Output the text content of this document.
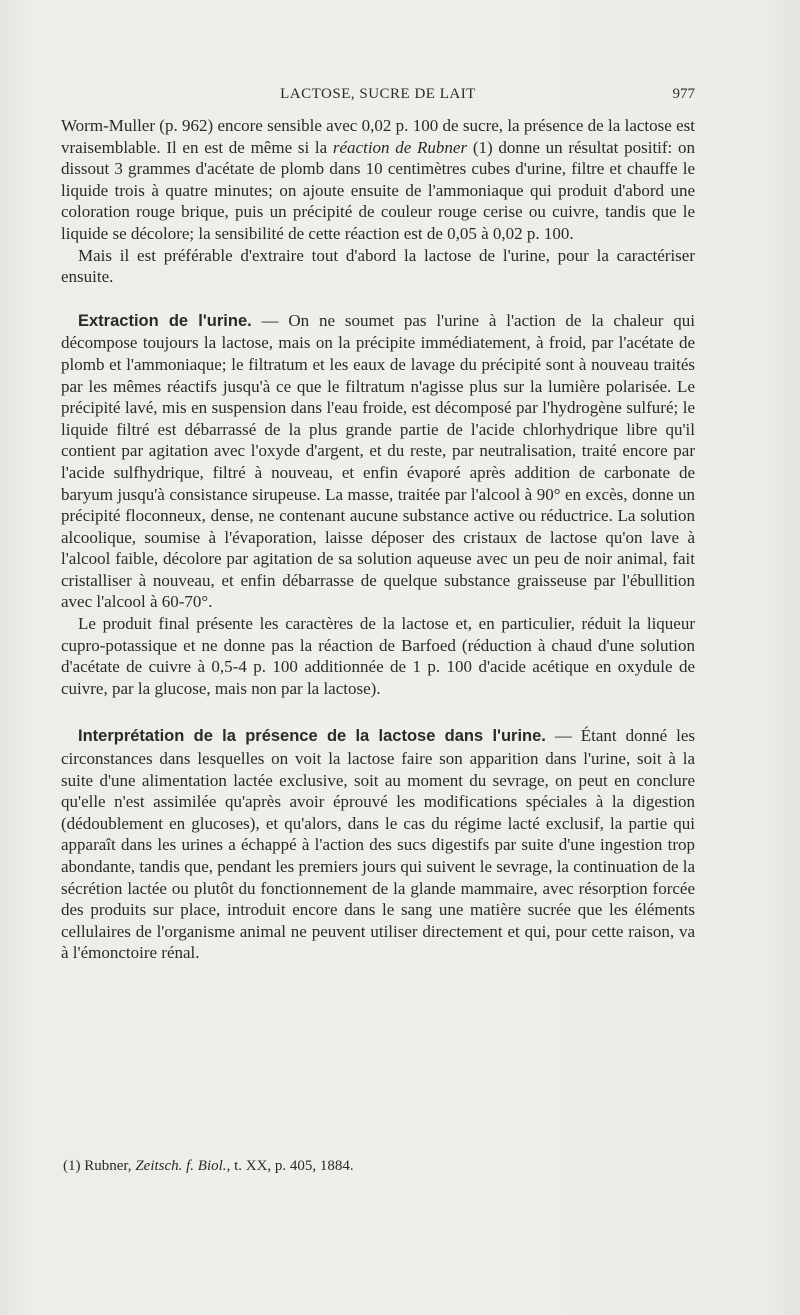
LACTOSE, SUCRE DE LAIT	977

Worm-Muller (p. 962) encore sensible avec 0,02 p. 100 de sucre, la présence de la lactose est vraisemblable. Il en est de même si la réaction de Rubner (1) donne un résultat positif: on dissout 3 grammes d'acétate de plomb dans 10 centimètres cubes d'urine, filtre et chauffe le liquide trois à quatre minutes; on ajoute ensuite de l'ammoniaque qui produit d'abord une coloration rouge brique, puis un précipité de couleur rouge cerise ou cuivre, tandis que le liquide se décolore; la sensibilité de cette réaction est de 0,05 à 0,02 p. 100.

Mais il est préférable d'extraire tout d'abord la lactose de l'urine, pour la caractériser ensuite.

Extraction de l'urine. — On ne soumet pas l'urine à l'action de la chaleur qui décompose toujours la lactose, mais on la précipite immédiatement, à froid, par l'acétate de plomb et l'ammoniaque; le filtratum et les eaux de lavage du précipité sont à nouveau traités par les mêmes réactifs jusqu'à ce que le filtratum n'agisse plus sur la lumière polarisée. Le précipité lavé, mis en suspension dans l'eau froide, est décomposé par l'hydrogène sulfuré; le liquide filtré est débarrassé de la plus grande partie de l'acide chlorhydrique libre qu'il contient par agitation avec l'oxyde d'argent, et du reste, par neutralisation, traité encore par l'acide sulfhydrique, filtré à nouveau, et enfin évaporé après addition de carbonate de baryum jusqu'à consistance sirupeuse. La masse, traitée par l'alcool à 90° en excès, donne un précipité floconneux, dense, ne contenant aucune substance active ou réductrice. La solution alcoolique, soumise à l'évaporation, laisse déposer des cristaux de lactose qu'on lave à l'alcool faible, décolore par agitation de sa solution aqueuse avec un peu de noir animal, fait cristalliser à nouveau, et enfin débarrasse de quelque substance graisseuse par l'ébullition avec l'alcool à 60-70°.

Le produit final présente les caractères de la lactose et, en particulier, réduit la liqueur cupro-potassique et ne donne pas la réaction de Barfoed (réduction à chaud d'une solution d'acétate de cuivre à 0,5-4 p. 100 additionnée de 1 p. 100 d'acide acétique en oxydule de cuivre, par la glucose, mais non par la lactose).

Interprétation de la présence de la lactose dans l'urine. — Étant donné les circonstances dans lesquelles on voit la lactose faire son apparition dans l'urine, soit à la suite d'une alimentation lactée exclusive, soit au moment du sevrage, on peut en conclure qu'elle n'est assimilée qu'après avoir éprouvé les modifications spéciales à la digestion (dédoublement en glucoses), et qu'alors, dans le cas du régime lacté exclusif, la partie qui apparaît dans les urines a échappé à l'action des sucs digestifs par suite d'une ingestion trop abondante, tandis que, pendant les premiers jours qui suivent le sevrage, la continuation de la sécrétion lactée ou plutôt du fonctionnement de la glande mammaire, avec résorption forcée des produits sur place, introduit encore dans le sang une matière sucrée que les éléments cellulaires de l'organisme animal ne peuvent utiliser directement et qui, pour cette raison, va à l'émonctoire rénal.

(1) Rubner, Zeitsch. f. Biol., t. XX, p. 405, 1884.
